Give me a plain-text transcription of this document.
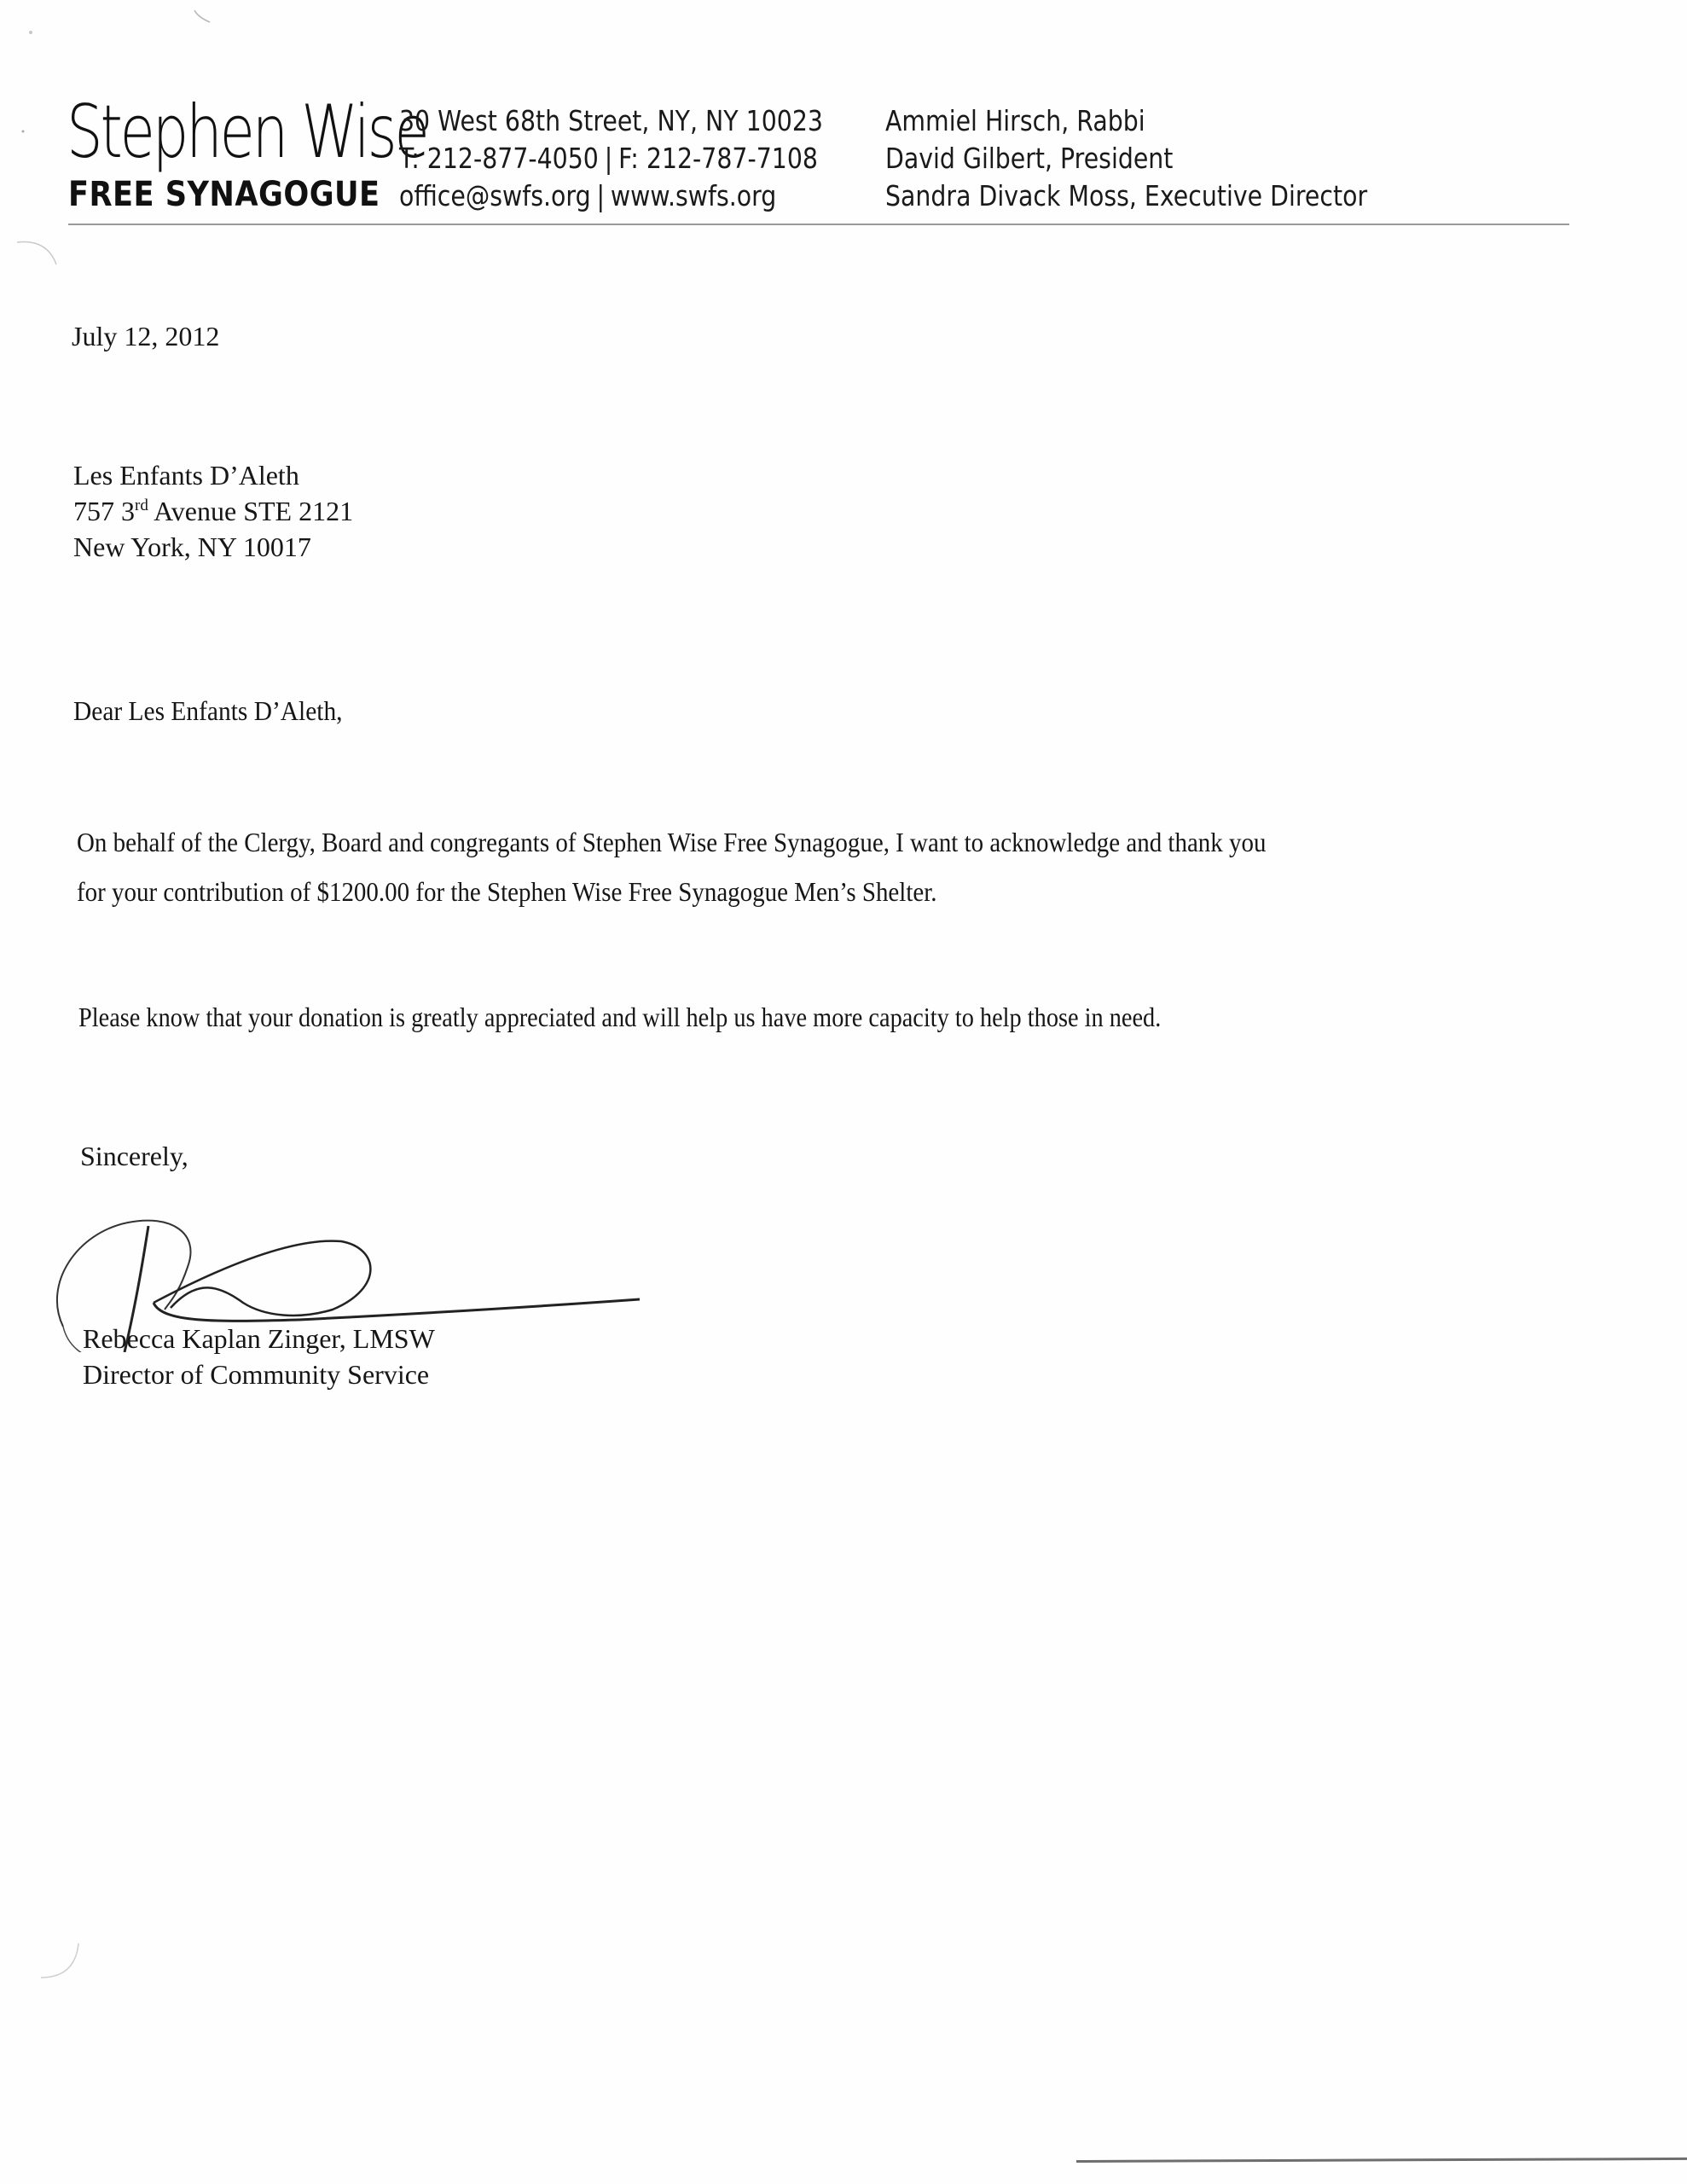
Stephen Wise
FREE SYNAGOGUE
30 West 68th Street, NY, NY 10023
T: 212-877-4050 | F: 212-787-7108
office@swfs.org | www.swfs.org
Ammiel Hirsch, Rabbi
David Gilbert, President
Sandra Divack Moss, Executive Director
July 12, 2012
Les Enfants D’Aleth
757 3rd Avenue STE 2121
New York, NY 10017
Dear Les Enfants D’Aleth,
On behalf of the Clergy, Board and congregants of Stephen Wise Free Synagogue, I want to acknowledge and thank you
for your contribution of $1200.00 for the Stephen Wise Free Synagogue Men’s Shelter.
Please know that your donation is greatly appreciated and will help us have more capacity to help those in need.
Sincerely,
Rebecca Kaplan Zinger, LMSW
Director of Community Service
